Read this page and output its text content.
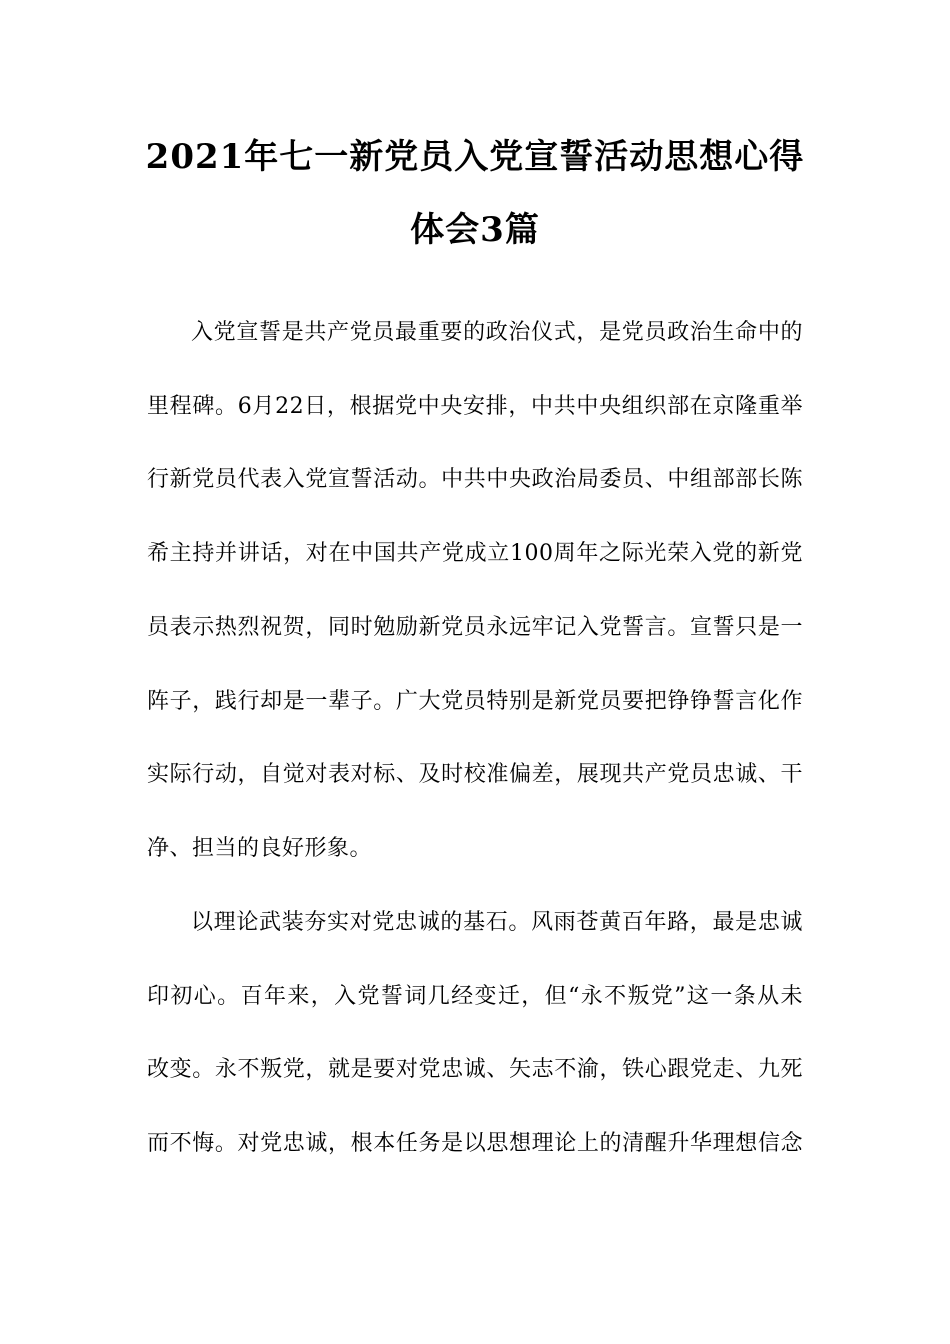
2021年七一新党员入党宣誓活动思想心得
体会3篇
入党宣誓是共产党员最重要的政治仪式，是党员政治生命中的
里程碑。6月22日，根据党中央安排，中共中央组织部在京隆重举
行新党员代表入党宣誓活动。中共中央政治局委员、中组部部长陈
希主持并讲话，对在中国共产党成立100周年之际光荣入党的新党
员表示热烈祝贺，同时勉励新党员永远牢记入党誓言。宣誓只是一
阵子，践行却是一辈子。广大党员特别是新党员要把铮铮誓言化作
实际行动，自觉对表对标、及时校准偏差，展现共产党员忠诚、干
净、担当的良好形象。
以理论武装夯实对党忠诚的基石。风雨苍黄百年路，最是忠诚
印初心。百年来，入党誓词几经变迁，但“永不叛党”这一条从未
改变。永不叛党，就是要对党忠诚、矢志不渝，铁心跟党走、九死
而不悔。对党忠诚，根本任务是以思想理论上的清醒升华理想信念
